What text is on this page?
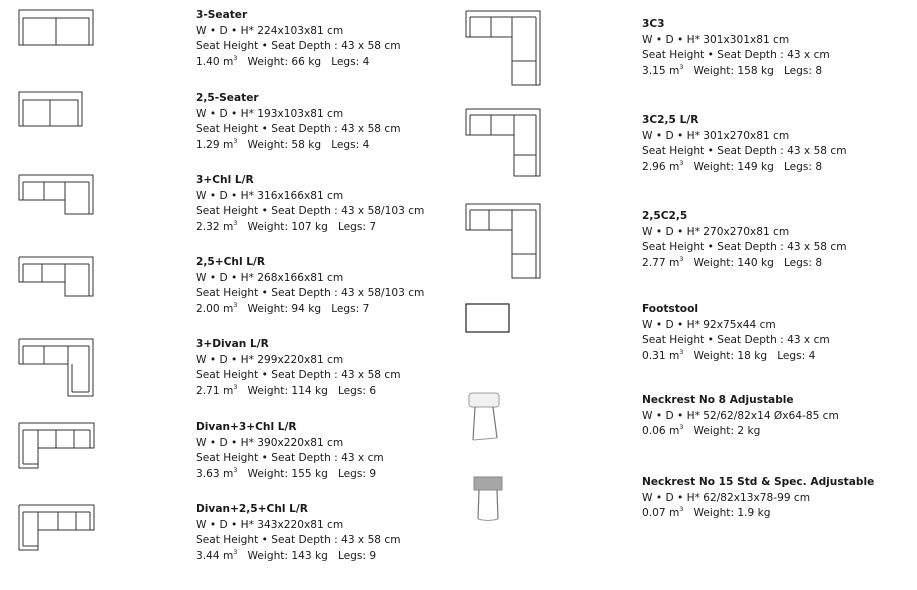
3-Seater
W • D • H* 224x103x81 cm
Seat Height • Seat Depth : 43 x 58 cm
1.40 $m^3$ Weight: 66 kg Legs: 4
2,5-Seater
W • D • H* 193x103x81 cm
Seat Height • Seat Depth : 43 x 58 cm
1.29 $m^3$ Weight: 58 kg Legs: 4
3+Chl L/R
W • D • H* 316x166x81 cm
Seat Height • Seat Depth : 43 x 58/103 cm
2.32 $m^3$ Weight: 107 kg Legs: 7
2,5+Chl L/R
W • D • H* 268x166x81 cm
Seat Height • Seat Depth : 43 x 58/103 cm
2.00 $m^3$ Weight: 94 kg Legs: 7
3+Divan L/R
W • D • H* 299x220x81 cm
Seat Height • Seat Depth : 43 x 58 cm
2.71 $m^3$ Weight: 114 kg Legs: 6
Divan+3+Chl L/R
W • D • H* 390x220x81 cm
Seat Height • Seat Depth : 43 x cm
3.63 $m^3$ Weight: 155 kg Legs: 9
Divan+2,5+Chl L/R
W • D • H* 343x220x81 cm
Seat Height • Seat Depth : 43 x 58 cm
3.44 $m^3$ Weight: 143 kg Legs: 9
3C3
W • D • H* 301x301x81 cm
Seat Height • Seat Depth : 43 x cm
3.15 $m^3$ Weight: 158 kg Legs: 8
3C2,5 L/R
W • D • H* 301x270x81 cm
Seat Height • Seat Depth : 43 x 58 cm
2.96 $m^3$ Weight: 149 kg Legs: 8
2,5C2,5
W • D • H* 270x270x81 cm
Seat Height • Seat Depth : 43 x 58 cm
2.77 $m^3$ Weight: 140 kg Legs: 8
Footstool
W • D • H* 92x75x44 cm
Seat Height • Seat Depth : 43 x cm
0.31 $m^3$ Weight: 18 kg Legs: 4
Neckrest No 8 Adjustable
W • D • H* 52/62/82x14 Øx64-85 cm
0.06 $m^3$ Weight: 2 kg
Neckrest No 15 Std & Spec. Adjustable
W • D • H* 62/82x13x78-99 cm
0.07 $m^3$ Weight: 1.9 kg
